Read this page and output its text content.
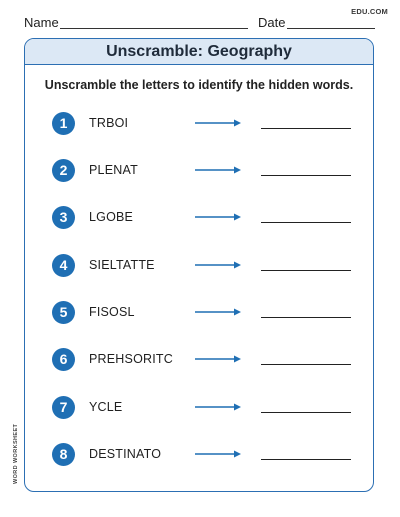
Name	Date
EDU.COM
Unscramble: Geography
Unscramble the letters to identify the hidden words.
1	TRBOI
2	PLENAT
3	LGOBE
4	SIELTATTE
5	FISOSL
6	PREHSORITC
7	YCLE
8	DESTINATO
WORD WORKSHEET
